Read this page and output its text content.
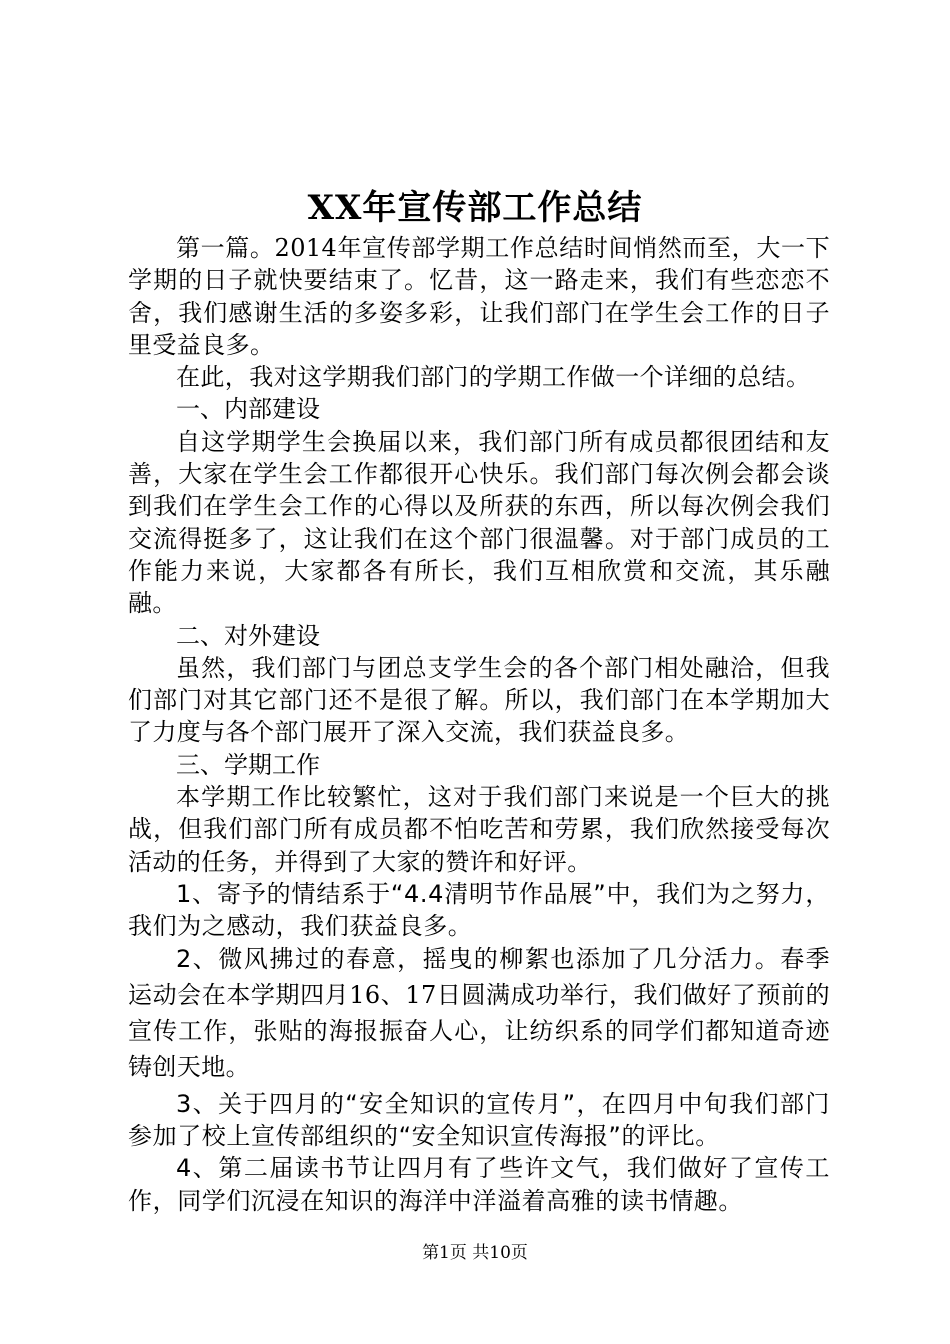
XX年宣传部工作总结

第一篇。2014年宣传部学期工作总结时间悄然而至，大一下学期的日子就快要结束了。忆昔，这一路走来，我们有些恋恋不舍，我们感谢生活的多姿多彩，让我们部门在学生会工作的日子里受益良多。

在此，我对这学期我们部门的学期工作做一个详细的总结。

一、内部建设

自这学期学生会换届以来，我们部门所有成员都很团结和友善，大家在学生会工作都很开心快乐。我们部门每次例会都会谈到我们在学生会工作的心得以及所获的东西，所以每次例会我们交流得挺多了，这让我们在这个部门很温馨。对于部门成员的工作能力来说，大家都各有所长，我们互相欣赏和交流，其乐融融。

二、对外建设

虽然，我们部门与团总支学生会的各个部门相处融洽，但我们部门对其它部门还不是很了解。所以，我们部门在本学期加大了力度与各个部门展开了深入交流，我们获益良多。

三、学期工作

本学期工作比较繁忙，这对于我们部门来说是一个巨大的挑战，但我们部门所有成员都不怕吃苦和劳累，我们欣然接受每次活动的任务，并得到了大家的赞许和好评。

1、寄予的情结系于“4.4清明节作品展”中，我们为之努力，我们为之感动，我们获益良多。

2、微风拂过的春意，摇曳的柳絮也添加了几分活力。春季运动会在本学期四月16、17日圆满成功举行，我们做好了预前的宣传工作，张贴的海报振奋人心，让纺织系的同学们都知道奇迹铸创天地。

3、关于四月的“安全知识的宣传月”，在四月中旬我们部门参加了校上宣传部组织的“安全知识宣传海报”的评比。

4、第二届读书节让四月有了些许文气，我们做好了宣传工作，同学们沉浸在知识的海洋中洋溢着高雅的读书情趣。

第1页 共10页
